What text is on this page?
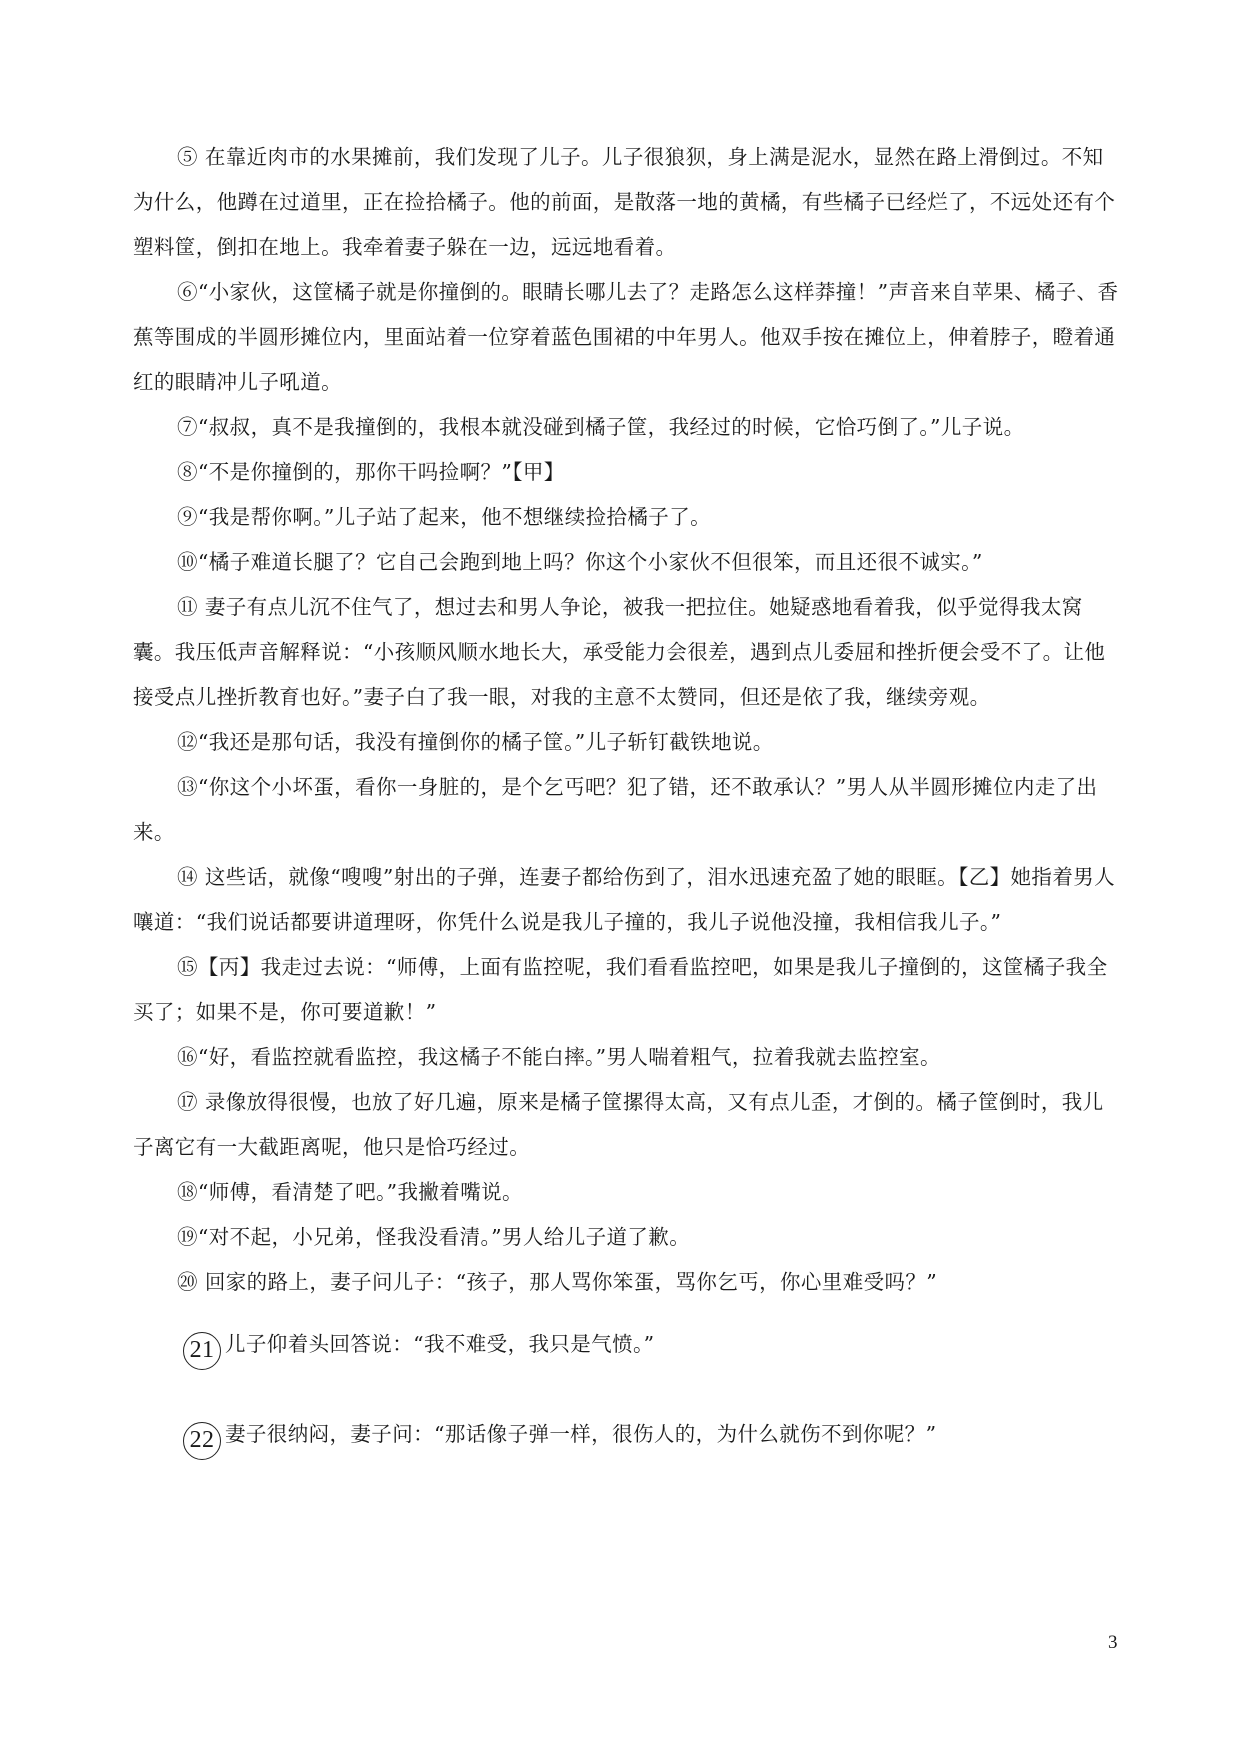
⑤ 在靠近肉市的水果摊前，我们发现了儿子。儿子很狼狈，身上满是泥水，显然在路上滑倒过。不知为什么，他蹲在过道里，正在捡拾橘子。他的前面，是散落一地的黄橘，有些橘子已经烂了，不远处还有个塑料筐，倒扣在地上。我牵着妻子躲在一边，远远地看着。

⑥“小家伙，这筐橘子就是你撞倒的。眼睛长哪儿去了？走路怎么这样莽撞！”声音来自苹果、橘子、香蕉等围成的半圆形摊位内，里面站着一位穿着蓝色围裙的中年男人。他双手按在摊位上，伸着脖子，瞪着通红的眼睛冲儿子吼道。

⑦“叔叔，真不是我撞倒的，我根本就没碰到橘子筐，我经过的时候，它恰巧倒了。”儿子说。

⑧“不是你撞倒的，那你干吗捡啊？”【甲】

⑨“我是帮你啊。”儿子站了起来，他不想继续捡拾橘子了。

⑩“橘子难道长腿了？它自己会跑到地上吗？你这个小家伙不但很笨，而且还很不诚实。”

⑪ 妻子有点儿沉不住气了，想过去和男人争论，被我一把拉住。她疑惑地看着我，似乎觉得我太窝囊。我压低声音解释说：“小孩顺风顺水地长大，承受能力会很差，遇到点儿委屈和挫折便会受不了。让他接受点儿挫折教育也好。”妻子白了我一眼，对我的主意不太赞同，但还是依了我，继续旁观。

⑫“我还是那句话，我没有撞倒你的橘子筐。”儿子斩钉截铁地说。

⑬“你这个小坏蛋，看你一身脏的，是个乞丐吧？犯了错，还不敢承认？”男人从半圆形摊位内走了出来。

⑭ 这些话，就像“嗖嗖”射出的子弹，连妻子都给伤到了，泪水迅速充盈了她的眼眶。【乙】她指着男人嚷道：“我们说话都要讲道理呀，你凭什么说是我儿子撞的，我儿子说他没撞，我相信我儿子。”

⑮【丙】我走过去说：“师傅，上面有监控呢，我们看看监控吧，如果是我儿子撞倒的，这筐橘子我全买了；如果不是，你可要道歉！”

⑯“好，看监控就看监控，我这橘子不能白摔。”男人喘着粗气，拉着我就去监控室。

⑰ 录像放得很慢，也放了好几遍，原来是橘子筐摞得太高，又有点儿歪，才倒的。橘子筐倒时，我儿子离它有一大截距离呢，他只是恰巧经过。

⑱“师傅，看清楚了吧。”我撇着嘴说。

⑲“对不起，小兄弟，怪我没看清。”男人给儿子道了歉。

⑳ 回家的路上，妻子问儿子：“孩子，那人骂你笨蛋，骂你乞丐，你心里难受吗？”

21 儿子仰着头回答说：“我不难受，我只是气愤。”

22 妻子很纳闷，妻子问：“那话像子弹一样，很伤人的，为什么就伤不到你呢？”

3
